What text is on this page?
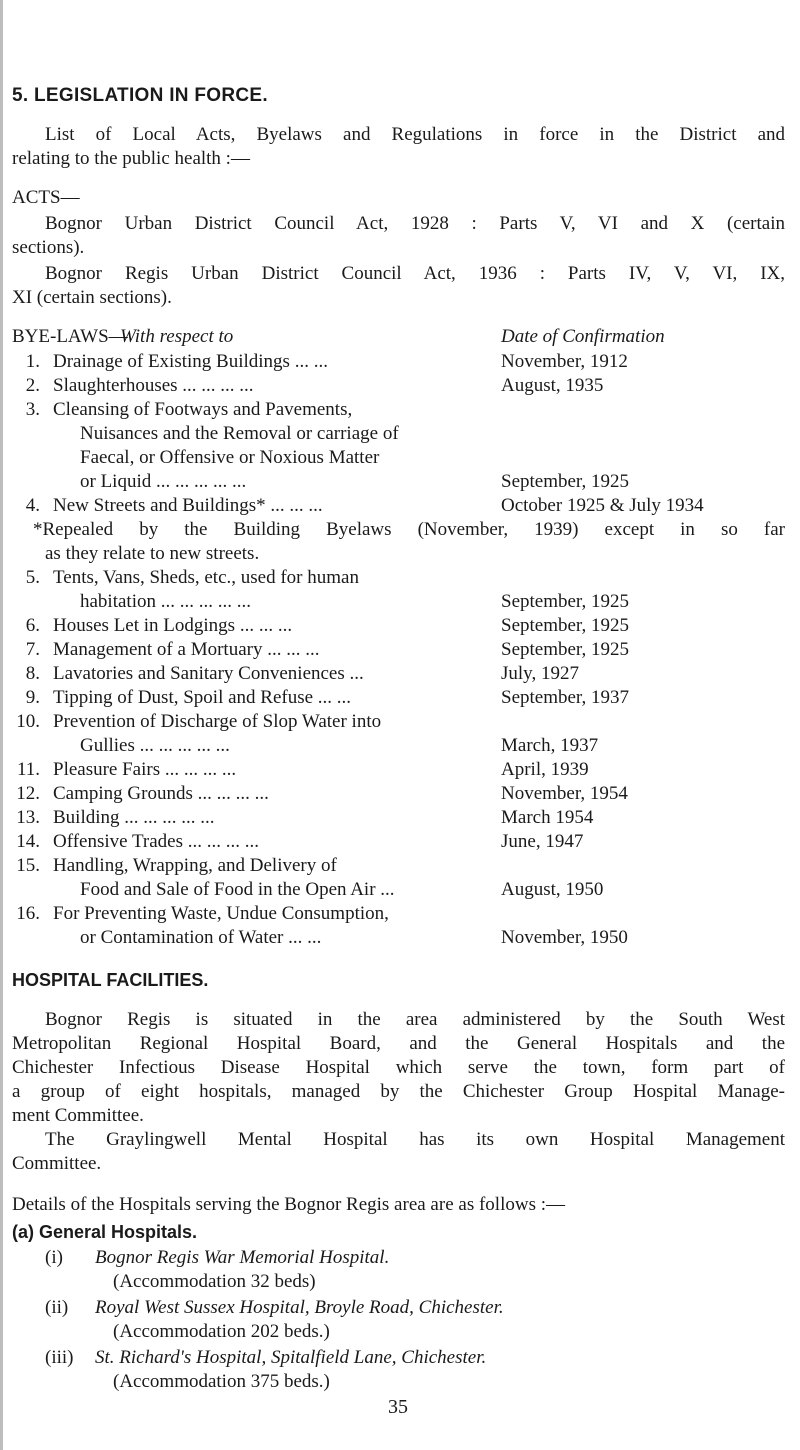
5. LEGISLATION IN FORCE.
List of Local Acts, Byelaws and Regulations in force in the District and
relating to the public health :—
ACTS—
Bognor Urban District Council Act, 1928 : Parts V, VI and X (certain
sections).
Bognor Regis Urban District Council Act, 1936 : Parts IV, V, VI, IX,
XI (certain sections).
BYE-LAWS—
With respect to	Date of Confirmation
1. Drainage of Existing Buildings ... ...	November, 1912
2. Slaughterhouses ... ... ... ...	August, 1935
3. Cleansing of Footways and Pavements,
Nuisances and the Removal or carriage of
Faecal, or Offensive or Noxious Matter
or Liquid ... ... ... ... ...	September, 1925
4. New Streets and Buildings* ... ... ...	October 1925 & July 1934
*Repealed by the Building Byelaws (November, 1939) except in so far
as they relate to new streets.
5. Tents, Vans, Sheds, etc., used for human
habitation ... ... ... ... ...	September, 1925
6. Houses Let in Lodgings ... ... ...	September, 1925
7. Management of a Mortuary ... ... ...	September, 1925
8. Lavatories and Sanitary Conveniences ...	July, 1927
9. Tipping of Dust, Spoil and Refuse ... ...	September, 1937
10. Prevention of Discharge of Slop Water into
Gullies ... ... ... ... ...	March, 1937
11. Pleasure Fairs ... ... ... ...	April, 1939
12. Camping Grounds ... ... ... ...	November, 1954
13. Building ... ... ... ... ...	March 1954
14. Offensive Trades ... ... ... ...	June, 1947
15. Handling, Wrapping, and Delivery of
Food and Sale of Food in the Open Air ...	August, 1950
16. For Preventing Waste, Undue Consumption,
or Contamination of Water ... ...	November, 1950
HOSPITAL FACILITIES.
Bognor Regis is situated in the area administered by the South West
Metropolitan Regional Hospital Board, and the General Hospitals and the
Chichester Infectious Disease Hospital which serve the town, form part of
a group of eight hospitals, managed by the Chichester Group Hospital Manage-
ment Committee.
The Graylingwell Mental Hospital has its own Hospital Management
Committee.
Details of the Hospitals serving the Bognor Regis area are as follows :—
(a) General Hospitals.
(i) Bognor Regis War Memorial Hospital.
(Accommodation 32 beds)
(ii) Royal West Sussex Hospital, Broyle Road, Chichester.
(Accommodation 202 beds.)
(iii) St. Richard's Hospital, Spitalfield Lane, Chichester.
(Accommodation 375 beds.)
35
